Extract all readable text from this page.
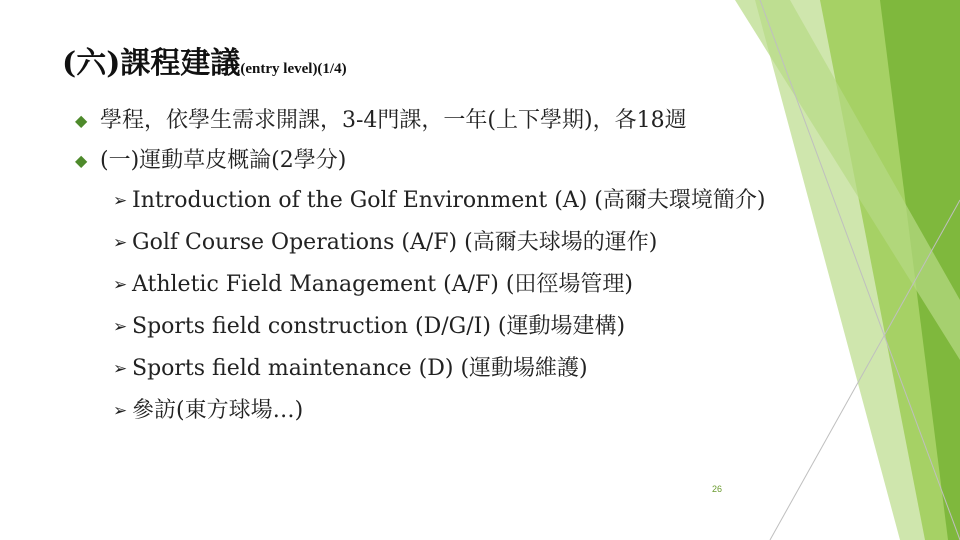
(六)課程建議(entry level)(1/4)
◆ 學程，依學生需求開課，3-4門課，一年(上下學期)，各18週
◆ (一)運動草皮概論(2學分)
➢ Introduction of the Golf Environment (A) (高爾夫環境簡介)
➢ Golf Course Operations (A/F) (高爾夫球場的運作)
➢ Athletic Field Management (A/F) (田徑場管理)
➢ Sports field construction (D/G/I) (運動場建構)
➢ Sports field maintenance (D) (運動場維護)
➢ 參訪(東方球場…)
26
